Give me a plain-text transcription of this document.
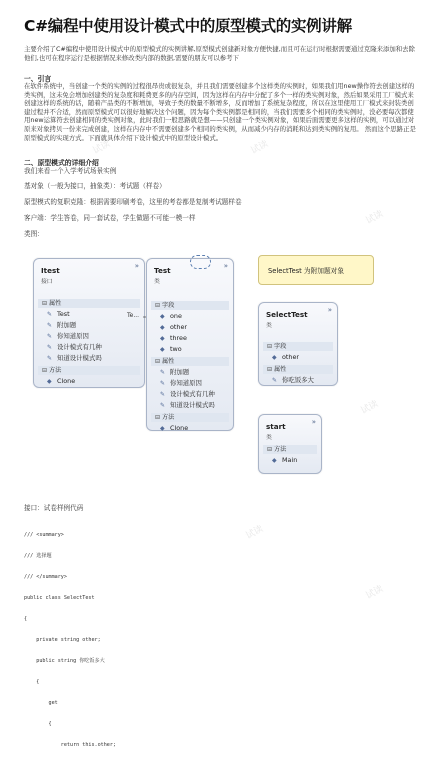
C#编程中使用设计模式中的原型模式的实例讲解
主要介绍了C#编程中使用设计模式中的原型模式的实例讲解,原型模式创建新对象方便快捷,而且可在运行时根据需要通过克隆来添加和去除他们,也可在程序运行是根据情况来修改类内部的数据,需要的朋友可以参考下
一、引言
在软件系统中，当创建一个类的实例的过程很昂贵或很复杂，并且我们需要创建多个这样类的实例时，如果我们用new操作符去创建这样的类实例，这未免会增加创建类的复杂度和耗费更多的内存空间，因为这样在内存中分配了多个一样的类实例对象，然后如果采用工厂模式来创建这样的系统的话，随着产品类的不断增加，导致子类的数量不断增多，反而增加了系统复杂程度，所以在这里使用工厂模式来封装类创建过程并不合适，然而原型模式可以很好地解决这个问题，因为每个类实例都是相同的，当我们需要多个相同的类实例时，没必要每次都使用new运算符去创建相同的类实例对象，此时我们一般思路就是想——只创建一个类实例对象，如果后面需要更多这样的实例，可以通过对原来对象拷贝一份来完成创建，这样在内存中不需要创建多个相同的类实例，从而减少内存的消耗和达到类实例的复用。 然而这个思路正是原型模式的实现方式。下面就具体介绍下设计模式中的原型设计模式。
二、原型模式的详细介绍
我们来看一个入学考试场景实例
基对象（一般为接口，抽象类）：考试题（样卷）
原型模式的复职克隆：根据需要印刷考卷，这里的考卷都是复制考试题样卷
客户端：学生答卷，同一套试卷，学生做题不可能一模一样
类图：
»
Itest
接口
⊟ 属性
✎ Test
✎ 附加题
✎ 你知道原因
✎ 设计模式有几种
✎ 知道设计模式吗
⊟ 方法
◆ Clone
Te...
»
Test
类
⊟ 字段
◆ one
◆ other
◆ three
◆ two
⊟ 属性
✎ 附加题
✎ 你知道原因
✎ 设计模式有几种
✎ 知道设计模式吗
⊟ 方法
◆ Clone
SelectTest 为附加题对象
»
SelectTest
类
⊟ 字段
◆ other
⊟ 属性
✎ 你吃饭多大
»
start
类
⊟ 方法
◆ Main
接口：试卷样例代码

/// <summary>

/// 选择题

/// </summary>

public class SelectTest

{

private string other;

public string 你吃饭多大

{

get

{

return this.other;

试读	试读
试读
试读
试读
试读
